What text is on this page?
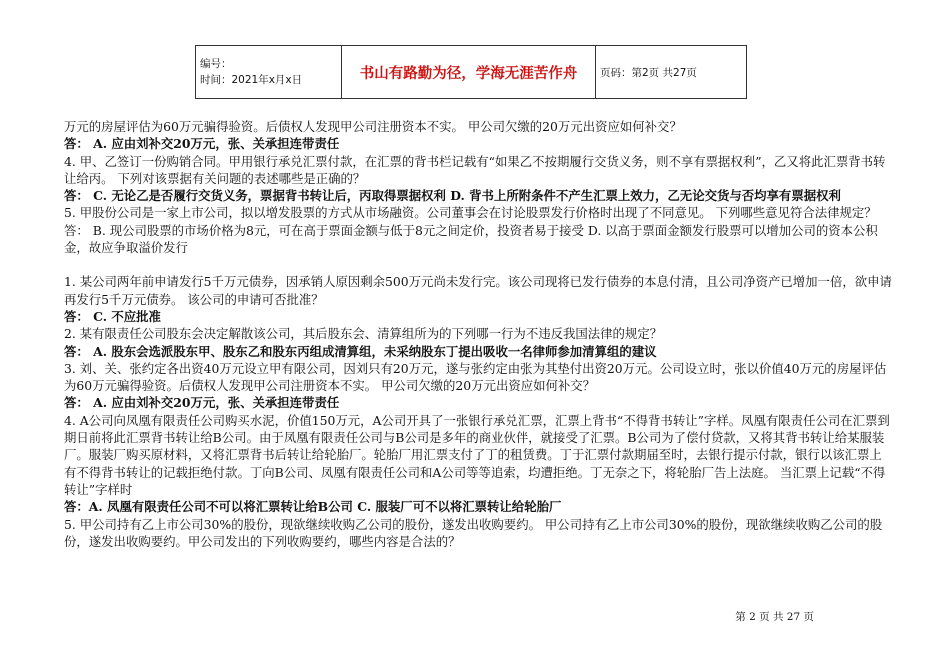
编号：
时间：2021年x月x日	书山有路勤为径，学海无涯苦作舟	页码：第2页 共27页

万元的房屋评估为60万元骗得验资。后债权人发现甲公司注册资本不实。 甲公司欠缴的20万元出资应如何补交？

答： A. 应由刘补交20万元，张、关承担连带责任

4. 甲、乙签订一份购销合同。甲用银行承兑汇票付款，在汇票的背书栏记载有“如果乙不按期履行交货义务，则不享有票据权利”，乙又将此汇票背书转让给丙。 下列对该票据有关问题的表述哪些是正确的？

答： C. 无论乙是否履行交货义务，票据背书转让后，丙取得票据权利 D. 背书上所附条件不产生汇票上效力，乙无论交货与否均享有票据权利

5. 甲股份公司是一家上市公司，拟以增发股票的方式从市场融资。公司董事会在讨论股票发行价格时出现了不同意见。 下列哪些意见符合法律规定？

答： B. 现公司股票的市场价格为8元，可在高于票面金额与低于8元之间定价，投资者易于接受 D. 以高于票面金额发行股票可以增加公司的资本公积金，故应争取溢价发行

1. 某公司两年前申请发行5千万元债券，因承销人原因剩余500万元尚未发行完。该公司现将已发行债券的本息付清，且公司净资产已增加一倍，欲申请再发行5千万元债券。 该公司的申请可否批准？

答： C. 不应批准

2. 某有限责任公司股东会决定解散该公司，其后股东会、清算组所为的下列哪一行为不违反我国法律的规定？

答： A. 股东会选派股东甲、股东乙和股东丙组成清算组，未采纳股东丁提出吸收一名律师参加清算组的建议

3. 刘、关、张约定各出资40万元设立甲有限公司，因刘只有20万元，遂与张约定由张为其垫付出资20万元。公司设立时，张以价值40万元的房屋评估为60万元骗得验资。后债权人发现甲公司注册资本不实。 甲公司欠缴的20万元出资应如何补交？

答： A. 应由刘补交20万元，张、关承担连带责任

4. A公司向凤凰有限责任公司购买水泥，价值150万元，A公司开具了一张银行承兑汇票，汇票上背书“不得背书转让”字样。凤凰有限责任公司在汇票到期日前将此汇票背书转让给B公司。由于凤凰有限责任公司与B公司是多年的商业伙伴，就接受了汇票。B公司为了偿付贷款，又将其背书转让给某服装厂。服装厂购买原材料，又将汇票背书后转让给轮胎厂。轮胎厂用汇票支付了丁的租赁费。丁于汇票付款期届至时，去银行提示付款，银行以该汇票上有不得背书转让的记载拒绝付款。丁向B公司、凤凰有限责任公司和A公司等等追索，均遭拒绝。丁无奈之下，将轮胎厂告上法庭。 当汇票上记载“不得转让”字样时

答：A. 凤凰有限责任公司不可以将汇票转让给B公司 C. 服装厂可不以将汇票转让给轮胎厂

5. 甲公司持有乙上市公司30%的股份，现欲继续收购乙公司的股份，遂发出收购要约。 甲公司持有乙上市公司30%的股份，现欲继续收购乙公司的股份，遂发出收购要约。甲公司发出的下列收购要约，哪些内容是合法的？

第 2 页 共 27 页
